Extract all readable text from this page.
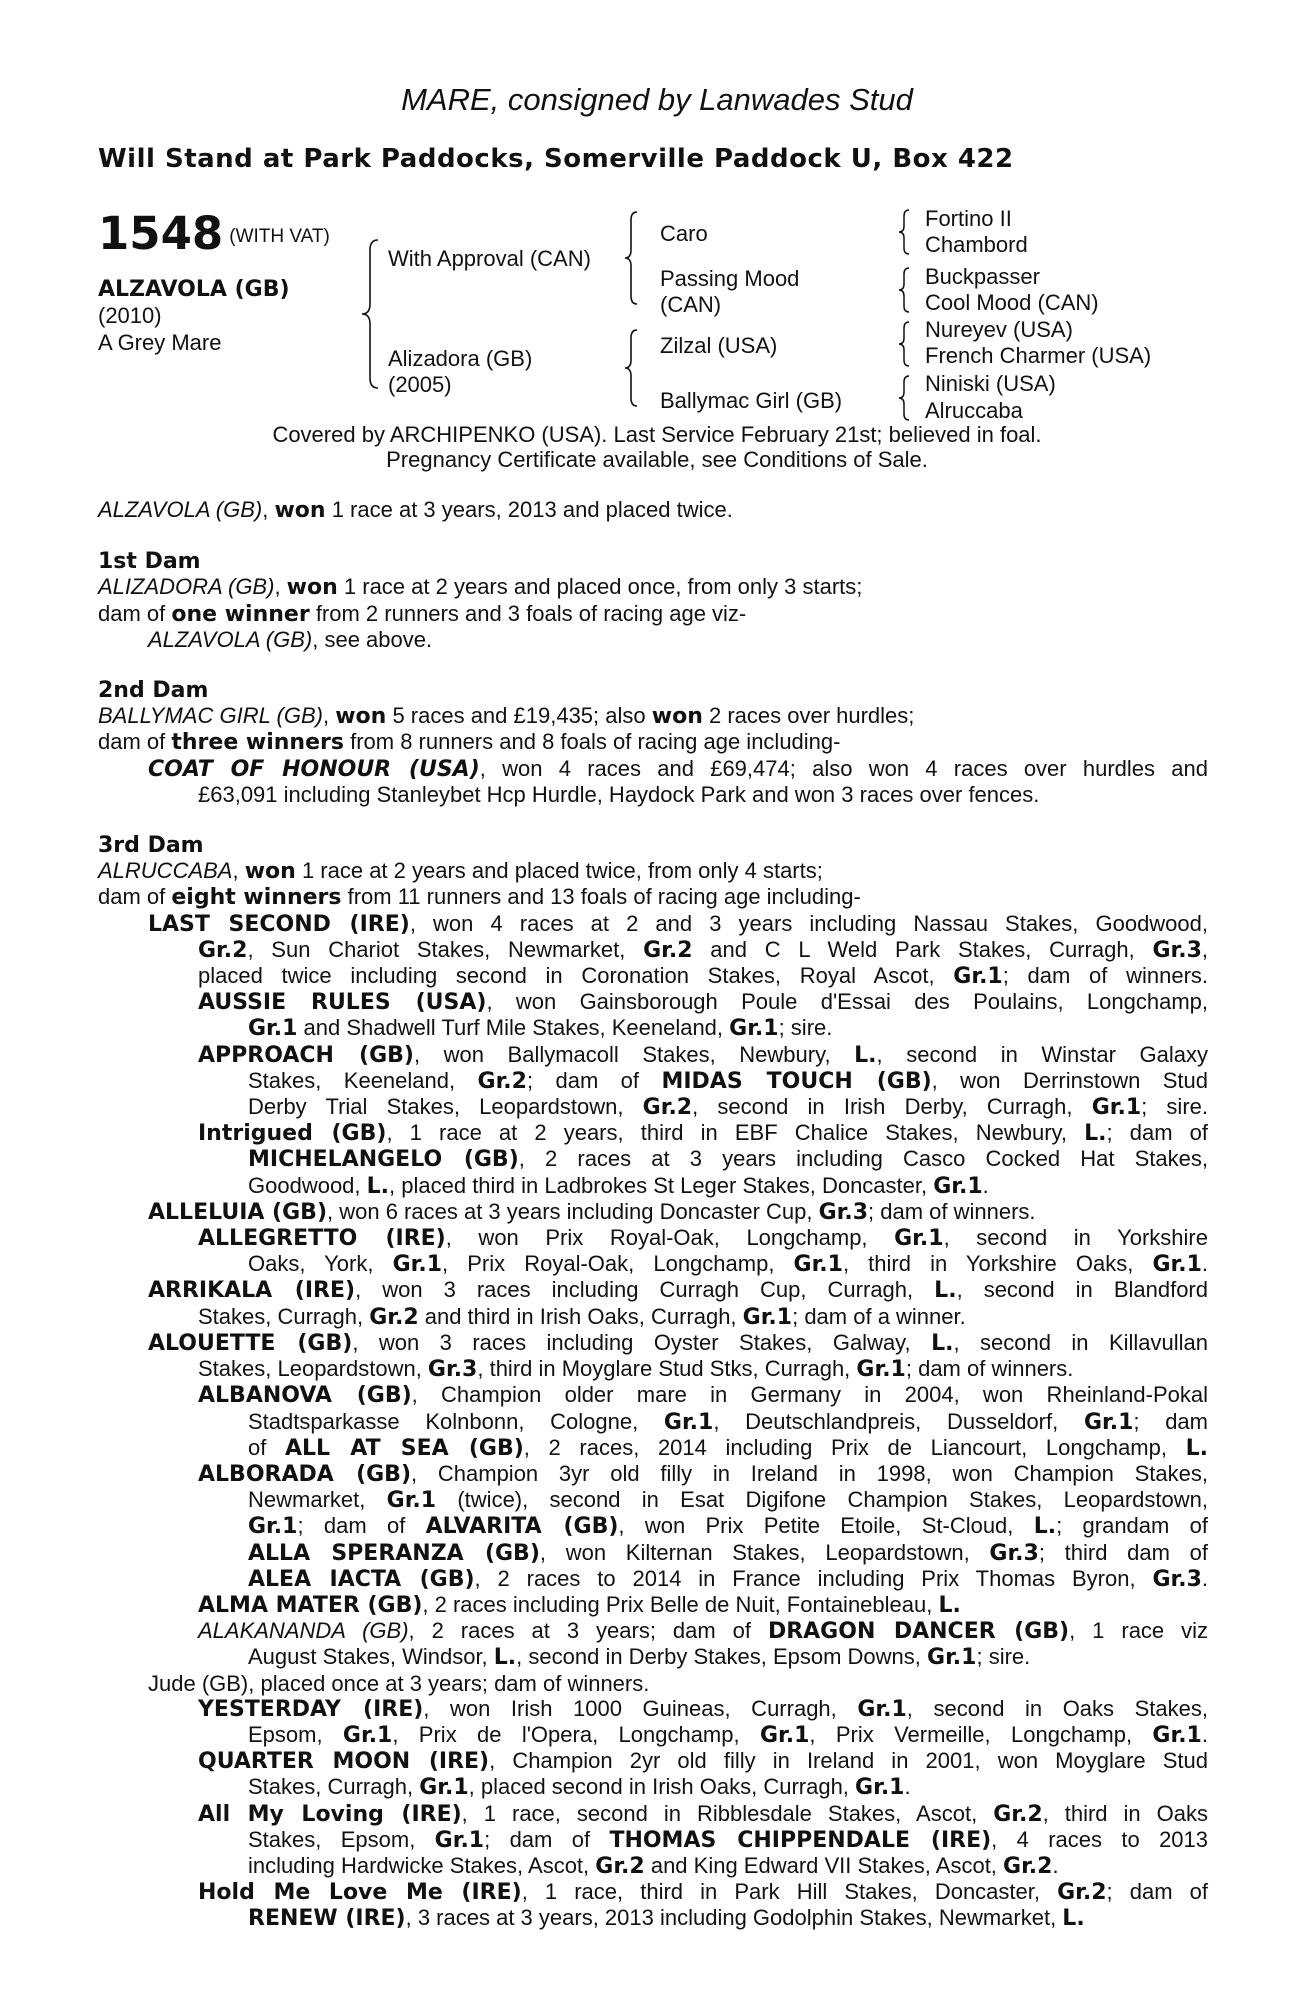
MARE, consigned by Lanwades Stud
Will Stand at Park Paddocks, Somerville Paddock U, Box 422
1548 (WITH VAT)
ALZAVOLA (GB)
(2010)
A Grey Mare
With Approval (CAN)
Alizadora (GB)
(2005)
Caro
Passing Mood
(CAN)
Zilzal (USA)
Ballymac Girl (GB)
Fortino II
Chambord
Buckpasser
Cool Mood (CAN)
Nureyev (USA)
French Charmer (USA)
Niniski (USA)
Alruccaba
Covered by ARCHIPENKO (USA). Last Service February 21st; believed in foal.
Pregnancy Certificate available, see Conditions of Sale.

ALZAVOLA (GB), won 1 race at 3 years, 2013 and placed twice.

1st Dam

ALIZADORA (GB), won 1 race at 2 years and placed once, from only 3 starts;

dam of one winner from 2 runners and 3 foals of racing age viz-

ALZAVOLA (GB), see above.

2nd Dam

BALLYMAC GIRL (GB), won 5 races and £19,435; also won 2 races over hurdles;

dam of three winners from 8 runners and 8 foals of racing age including-

COAT OF HONOUR (USA), won 4 races and £69,474; also won 4 races over hurdles and

£63,091 including Stanleybet Hcp Hurdle, Haydock Park and won 3 races over fences.

3rd Dam

ALRUCCABA, won 1 race at 2 years and placed twice, from only 4 starts;

dam of eight winners from 11 runners and 13 foals of racing age including-

LAST SECOND (IRE), won 4 races at 2 and 3 years including Nassau Stakes, Goodwood,

Gr.2, Sun Chariot Stakes, Newmarket, Gr.2 and C L Weld Park Stakes, Curragh, Gr.3,

placed twice including second in Coronation Stakes, Royal Ascot, Gr.1; dam of winners.

AUSSIE RULES (USA), won Gainsborough Poule d'Essai des Poulains, Longchamp,

Gr.1 and Shadwell Turf Mile Stakes, Keeneland, Gr.1; sire.

APPROACH (GB), won Ballymacoll Stakes, Newbury, L., second in Winstar Galaxy

Stakes, Keeneland, Gr.2; dam of MIDAS TOUCH (GB), won Derrinstown Stud

Derby Trial Stakes, Leopardstown, Gr.2, second in Irish Derby, Curragh, Gr.1; sire.

Intrigued (GB), 1 race at 2 years, third in EBF Chalice Stakes, Newbury, L.; dam of

MICHELANGELO (GB), 2 races at 3 years including Casco Cocked Hat Stakes,

Goodwood, L., placed third in Ladbrokes St Leger Stakes, Doncaster, Gr.1.

ALLELUIA (GB), won 6 races at 3 years including Doncaster Cup, Gr.3; dam of winners.

ALLEGRETTO (IRE), won Prix Royal-Oak, Longchamp, Gr.1, second in Yorkshire

Oaks, York, Gr.1, Prix Royal-Oak, Longchamp, Gr.1, third in Yorkshire Oaks, Gr.1.

ARRIKALA (IRE), won 3 races including Curragh Cup, Curragh, L., second in Blandford

Stakes, Curragh, Gr.2 and third in Irish Oaks, Curragh, Gr.1; dam of a winner.

ALOUETTE (GB), won 3 races including Oyster Stakes, Galway, L., second in Killavullan

Stakes, Leopardstown, Gr.3, third in Moyglare Stud Stks, Curragh, Gr.1; dam of winners.

ALBANOVA (GB), Champion older mare in Germany in 2004, won Rheinland-Pokal

Stadtsparkasse Kolnbonn, Cologne, Gr.1, Deutschlandpreis, Dusseldorf, Gr.1; dam

of ALL AT SEA (GB), 2 races, 2014 including Prix de Liancourt, Longchamp, L.

ALBORADA (GB), Champion 3yr old filly in Ireland in 1998, won Champion Stakes,

Newmarket, Gr.1 (twice), second in Esat Digifone Champion Stakes, Leopardstown,

Gr.1; dam of ALVARITA (GB), won Prix Petite Etoile, St-Cloud, L.; grandam of

ALLA SPERANZA (GB), won Kilternan Stakes, Leopardstown, Gr.3; third dam of

ALEA IACTA (GB), 2 races to 2014 in France including Prix Thomas Byron, Gr.3.

ALMA MATER (GB), 2 races including Prix Belle de Nuit, Fontainebleau, L.

ALAKANANDA (GB), 2 races at 3 years; dam of DRAGON DANCER (GB), 1 race viz

August Stakes, Windsor, L., second in Derby Stakes, Epsom Downs, Gr.1; sire.

Jude (GB), placed once at 3 years; dam of winners.

YESTERDAY (IRE), won Irish 1000 Guineas, Curragh, Gr.1, second in Oaks Stakes,

Epsom, Gr.1, Prix de l'Opera, Longchamp, Gr.1, Prix Vermeille, Longchamp, Gr.1.

QUARTER MOON (IRE), Champion 2yr old filly in Ireland in 2001, won Moyglare Stud

Stakes, Curragh, Gr.1, placed second in Irish Oaks, Curragh, Gr.1.

All My Loving (IRE), 1 race, second in Ribblesdale Stakes, Ascot, Gr.2, third in Oaks

Stakes, Epsom, Gr.1; dam of THOMAS CHIPPENDALE (IRE), 4 races to 2013

including Hardwicke Stakes, Ascot, Gr.2 and King Edward VII Stakes, Ascot, Gr.2.

Hold Me Love Me (IRE), 1 race, third in Park Hill Stakes, Doncaster, Gr.2; dam of

RENEW (IRE), 3 races at 3 years, 2013 including Godolphin Stakes, Newmarket, L.
